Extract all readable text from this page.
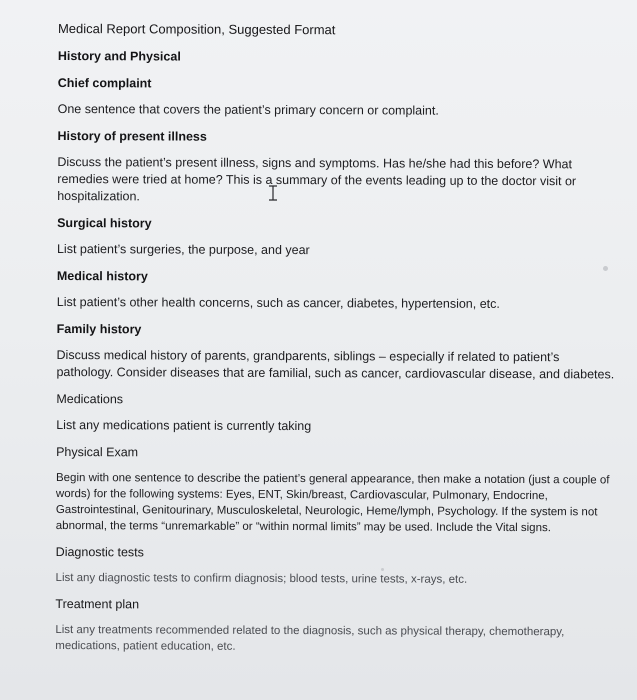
Medical Report Composition, Suggested Format
History and Physical
Chief complaint
One sentence that covers the patient’s primary concern or complaint.
History of present illness
Discuss the patient’s present illness, signs and symptoms. Has he/she had this before? What remedies were tried at home? This is a summary of the events leading up to the doctor visit or hospitalization.
Surgical history
List patient’s surgeries, the purpose, and year
Medical history
List patient’s other health concerns, such as cancer, diabetes, hypertension, etc.
Family history
Discuss medical history of parents, grandparents, siblings – especially if related to patient’s pathology. Consider diseases that are familial, such as cancer, cardiovascular disease, and diabetes.
Medications
List any medications patient is currently taking
Physical Exam
Begin with one sentence to describe the patient’s general appearance, then make a notation (just a couple of words) for the following systems: Eyes, ENT, Skin/breast, Cardiovascular, Pulmonary, Endocrine, Gastrointestinal, Genitourinary, Musculoskeletal, Neurologic, Heme/lymph, Psychology. If the system is not abnormal, the terms “unremarkable” or “within normal limits” may be used. Include the Vital signs.
Diagnostic tests
List any diagnostic tests to confirm diagnosis; blood tests, urine tests, x-rays, etc.
Treatment plan
List any treatments recommended related to the diagnosis, such as physical therapy, chemotherapy, medications, patient education, etc.
